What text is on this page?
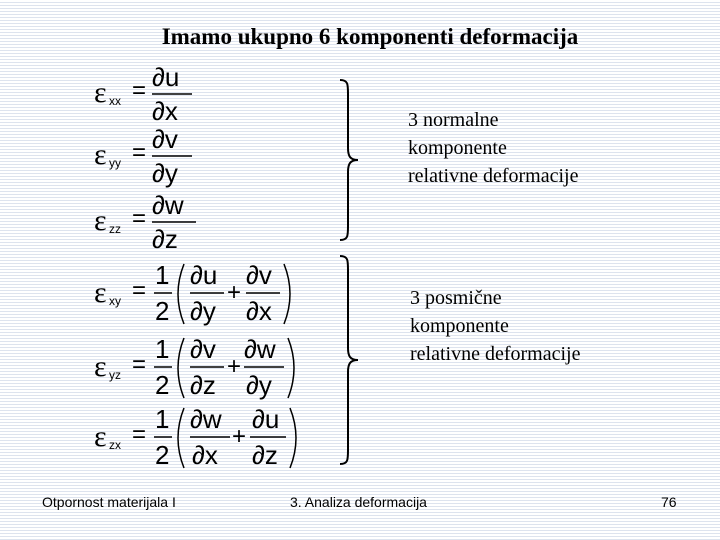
Imamo ukupno 6 komponenti deformacija
ε xx = ∂u
∂x
ε yy = ∂v
∂y
ε zz = ∂w
∂z
ε xy =
1
2
∂u
∂y
+
∂v
∂x
ε yz =
1
2
∂v
∂z
+
∂w
∂y
ε zx =
1
2
∂w
∂x
+
∂u
∂z
3 normalne
komponente
relativne deformacije
3 posmične
komponente
relativne deformacije
Otpornost materijala I	3. Analiza deformacija	76
